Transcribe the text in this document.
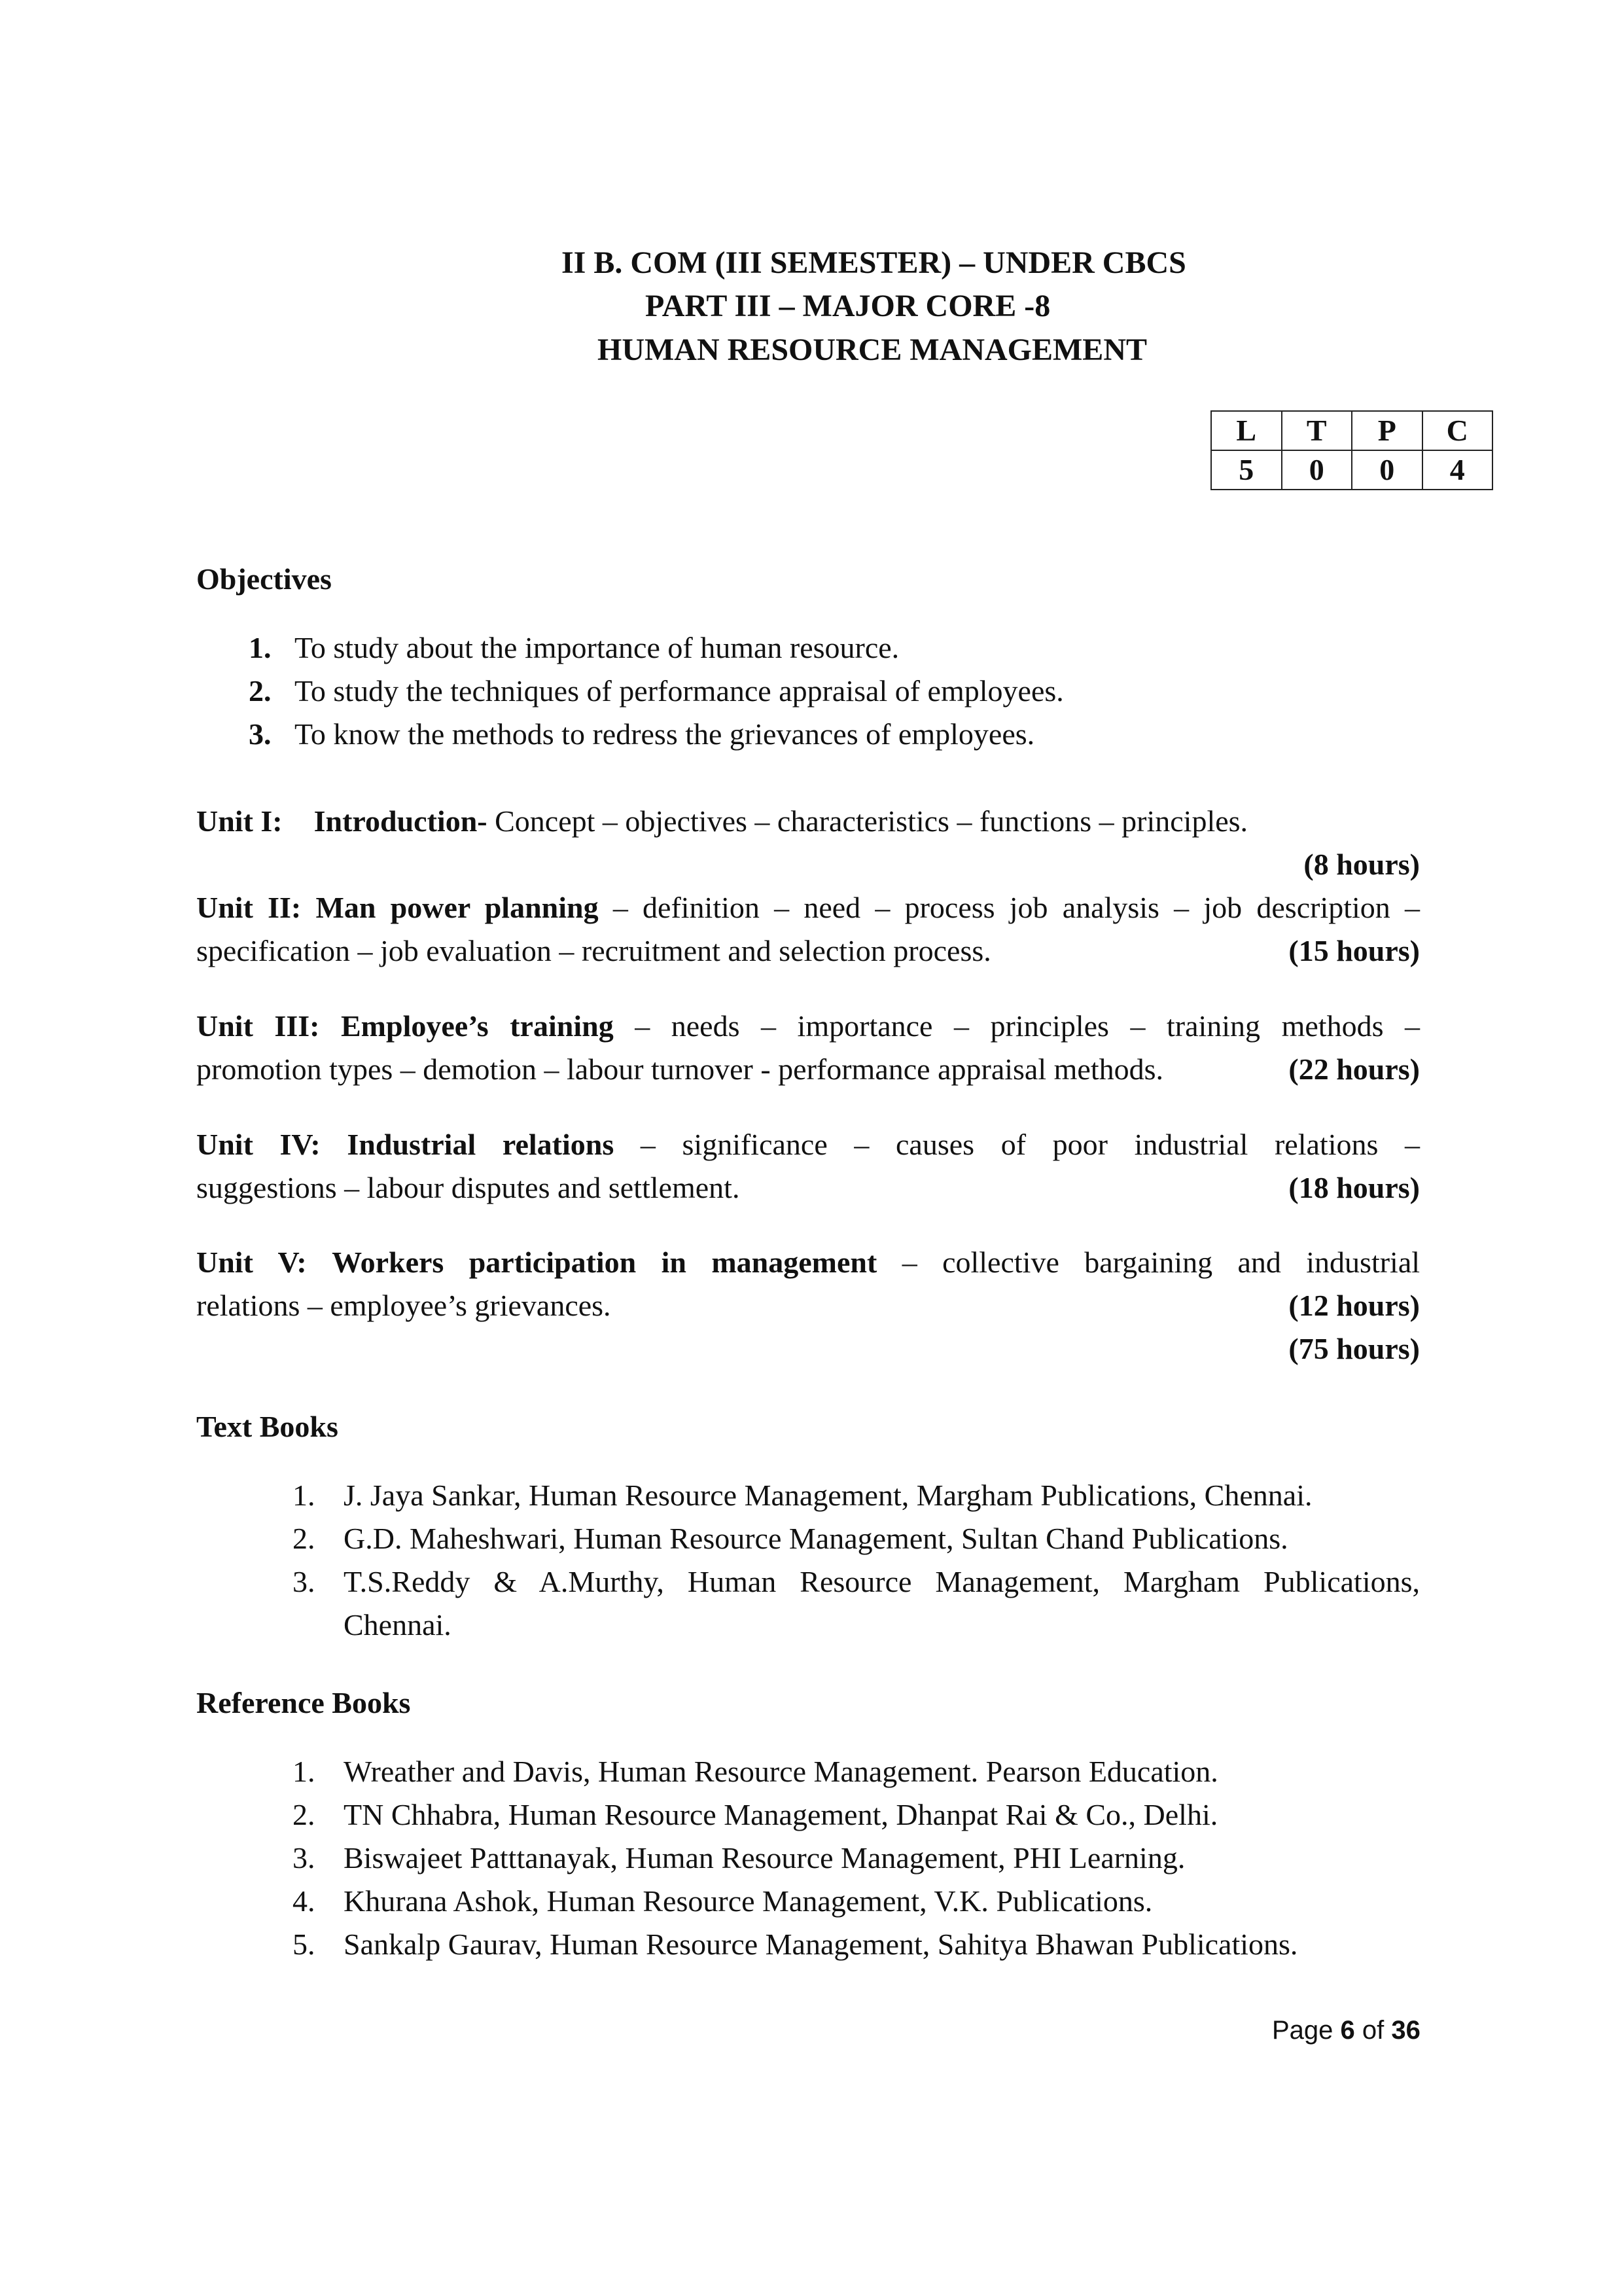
II B. COM (III SEMESTER) – UNDER CBCS
PART III – MAJOR CORE -8
HUMAN RESOURCE MANAGEMENT
L	T	P	C
5	0	0	4
Objectives
1. To study about the importance of human resource.
2. To study the techniques of performance appraisal of employees.
3. To know the methods to redress the grievances of employees.
Unit I: Introduction- Concept – objectives – characteristics – functions – principles.
(8 hours)
Unit II: Man power planning – definition – need – process job analysis – job description –
specification – job evaluation – recruitment and selection process.	(15 hours)
Unit III: Employee’s training – needs – importance – principles – training methods –
promotion types – demotion – labour turnover - performance appraisal methods.	(22 hours)
Unit IV: Industrial relations – significance – causes of poor industrial relations –
suggestions – labour disputes and settlement.	(18 hours)
Unit V: Workers participation in management – collective bargaining and industrial
relations – employee’s grievances.	(12 hours)
(75 hours)
Text Books
1. J. Jaya Sankar, Human Resource Management, Margham Publications, Chennai.
2. G.D. Maheshwari, Human Resource Management, Sultan Chand Publications.
3. T.S.Reddy & A.Murthy, Human Resource Management, Margham Publications,
Chennai.
Reference Books
1. Wreather and Davis, Human Resource Management. Pearson Education.
2. TN Chhabra, Human Resource Management, Dhanpat Rai & Co., Delhi.
3. Biswajeet Patttanayak, Human Resource Management, PHI Learning.
4. Khurana Ashok, Human Resource Management, V.K. Publications.
5. Sankalp Gaurav, Human Resource Management, Sahitya Bhawan Publications.
Page 6 of 36
